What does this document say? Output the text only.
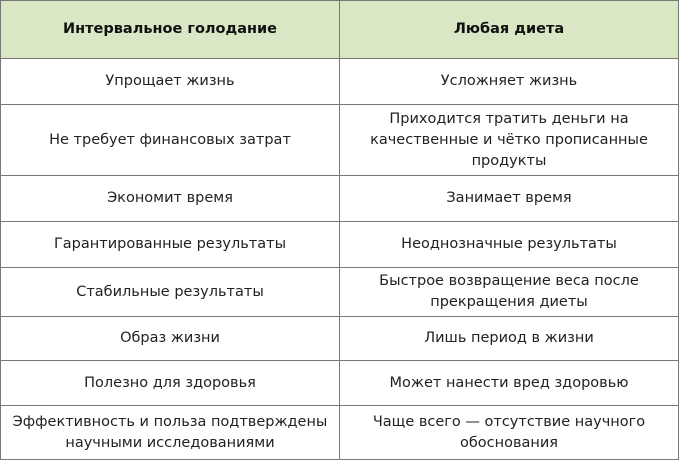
Интервальное голодание	Любая диета
Упрощает жизнь	Усложняет жизнь
Не требует финансовых затрат	Приходится тратить деньги на качественные и чётко прописанные продукты
Экономит время	Занимает время
Гарантированные результаты	Неоднозначные результаты
Стабильные результаты	Быстрое возвращение веса после прекращения диеты
Образ жизни	Лишь период в жизни
Полезно для здоровья	Может нанести вред здоровью
Эффективность и польза подтверждены научными исследованиями	Чаще всего — отсутствие научного обоснования
